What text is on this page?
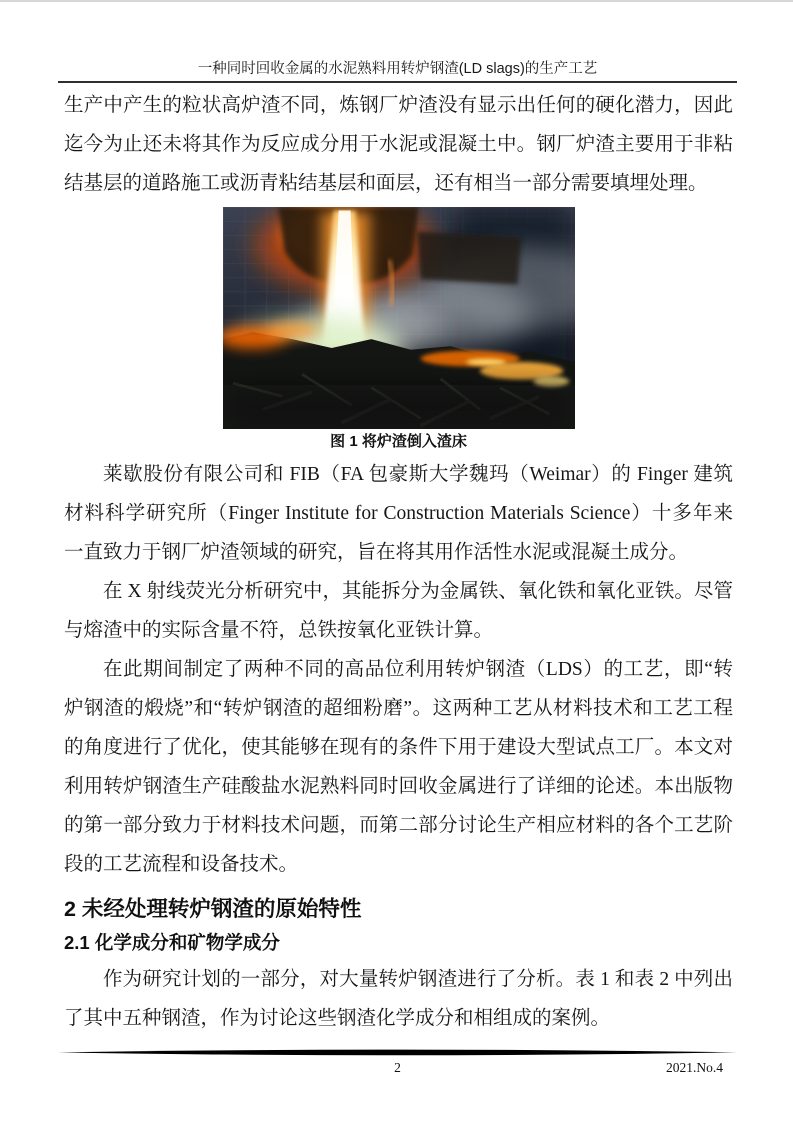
一种同时回收金属的水泥熟料用转炉钢渣(LD slags)的生产工艺

生产中产生的粒状高炉渣不同，炼钢厂炉渣没有显示出任何的硬化潜力，因此迄今为止还未将其作为反应成分用于水泥或混凝土中。钢厂炉渣主要用于非粘结基层的道路施工或沥青粘结基层和面层，还有相当一部分需要填埋处理。

图 1 将炉渣倒入渣床

莱歇股份有限公司和 FIB（FA 包豪斯大学魏玛（Weimar）的 Finger 建筑材料科学研究所（Finger Institute for Construction Materials Science）十多年来一直致力于钢厂炉渣领域的研究，旨在将其用作活性水泥或混凝土成分。

在 X 射线荧光分析研究中，其能拆分为金属铁、氧化铁和氧化亚铁。尽管与熔渣中的实际含量不符，总铁按氧化亚铁计算。

在此期间制定了两种不同的高品位利用转炉钢渣（LDS）的工艺，即“转炉钢渣的煅烧”和“转炉钢渣的超细粉磨”。这两种工艺从材料技术和工艺工程的角度进行了优化，使其能够在现有的条件下用于建设大型试点工厂。本文对利用转炉钢渣生产硅酸盐水泥熟料同时回收金属进行了详细的论述。本出版物的第一部分致力于材料技术问题，而第二部分讨论生产相应材料的各个工艺阶段的工艺流程和设备技术。

2 未经处理转炉钢渣的原始特性
2.1 化学成分和矿物学成分

作为研究计划的一部分，对大量转炉钢渣进行了分析。表 1 和表 2 中列出了其中五种钢渣，作为讨论这些钢渣化学成分和相组成的案例。

2	2021.No.4
